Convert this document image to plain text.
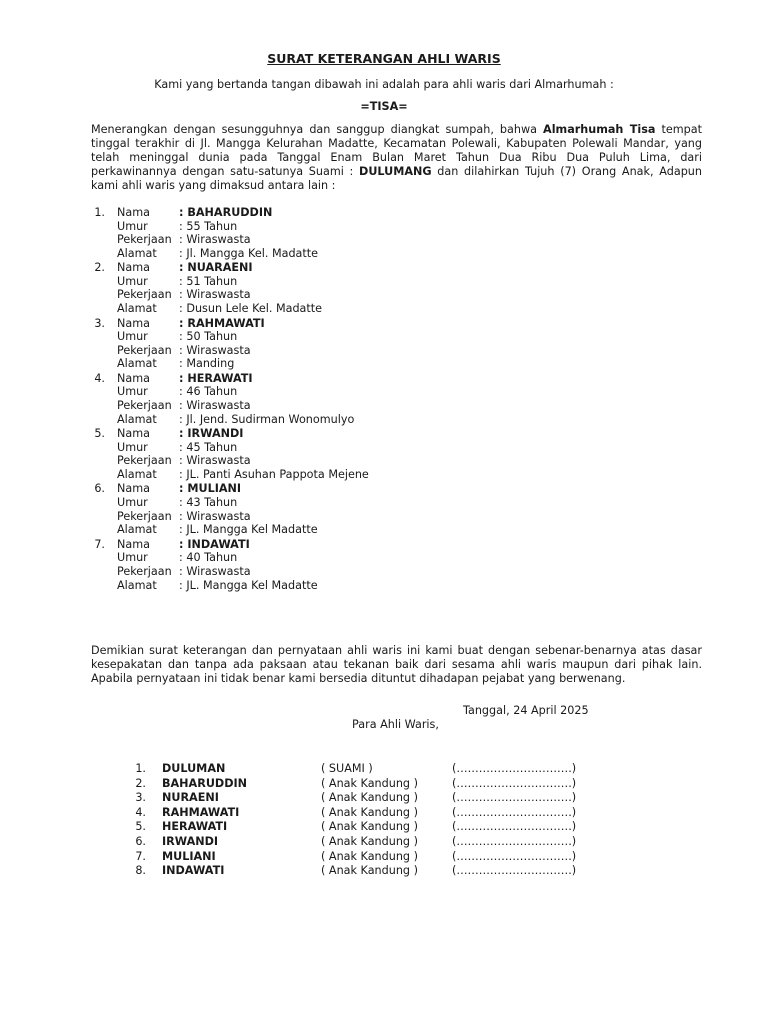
SURAT KETERANGAN AHLI WARIS
Kami yang bertanda tangan dibawah ini adalah para ahli waris dari Almarhumah :
=TISA=
Menerangkan dengan sesungguhnya dan sanggup diangkat sumpah, bahwa Almarhumah Tisa tempat tinggal terakhir di Jl. Mangga Kelurahan Madatte, Kecamatan Polewali, Kabupaten Polewali Mandar, yang telah meninggal dunia pada Tanggal Enam Bulan Maret Tahun Dua Ribu Dua Puluh Lima, dari perkawinannya dengan satu-satunya Suami : DULUMANG dan dilahirkan Tujuh (7) Orang Anak, Adapun kami ahli waris yang dimaksud antara lain :
1. Nama	: BAHARUDDIN
Umur	: 55 Tahun
Pekerjaan : Wiraswasta
Alamat : Jl. Mangga Kel. Madatte
2. Nama	: NUARAENI
Umur	: 51 Tahun
Pekerjaan : Wiraswasta
Alamat : Dusun Lele Kel. Madatte
3. Nama	: RAHMAWATI
Umur	: 50 Tahun
Pekerjaan : Wiraswasta
Alamat : Manding
4. Nama	: HERAWATI
Umur	: 46 Tahun
Pekerjaan : Wiraswasta
Alamat : Jl. Jend. Sudirman Wonomulyo
5. Nama	: IRWANDI
Umur	: 45 Tahun
Pekerjaan : Wiraswasta
Alamat : JL. Panti Asuhan Pappota Mejene
6. Nama	: MULIANI
Umur	: 43 Tahun
Pekerjaan : Wiraswasta
Alamat : JL. Mangga Kel Madatte
7. Nama	: INDAWATI
Umur	: 40 Tahun
Pekerjaan : Wiraswasta
Alamat : JL. Mangga Kel Madatte
Demikian surat keterangan dan pernyataan ahli waris ini kami buat dengan sebenar-benarnya atas dasar kesepakatan dan tanpa ada paksaan atau tekanan baik dari sesama ahli waris maupun dari pihak lain. Apabila pernyataan ini tidak benar kami bersedia dituntut dihadapan pejabat yang berwenang.
Tanggal, 24 April 2025
Para Ahli Waris,
1. DULUMAN	( SUAMI )	(………………………….)
2. BAHARUDDIN	( Anak Kandung )	(………………………….)
3. NURAENI	( Anak Kandung )	(………………………….)
4. RAHMAWATI	( Anak Kandung )	(………………………….)
5. HERAWATI	( Anak Kandung )	(………………………….)
6. IRWANDI	( Anak Kandung )	(………………………….)
7. MULIANI	( Anak Kandung )	(………………………….)
8. INDAWATI	( Anak Kandung )	(………………………….)
